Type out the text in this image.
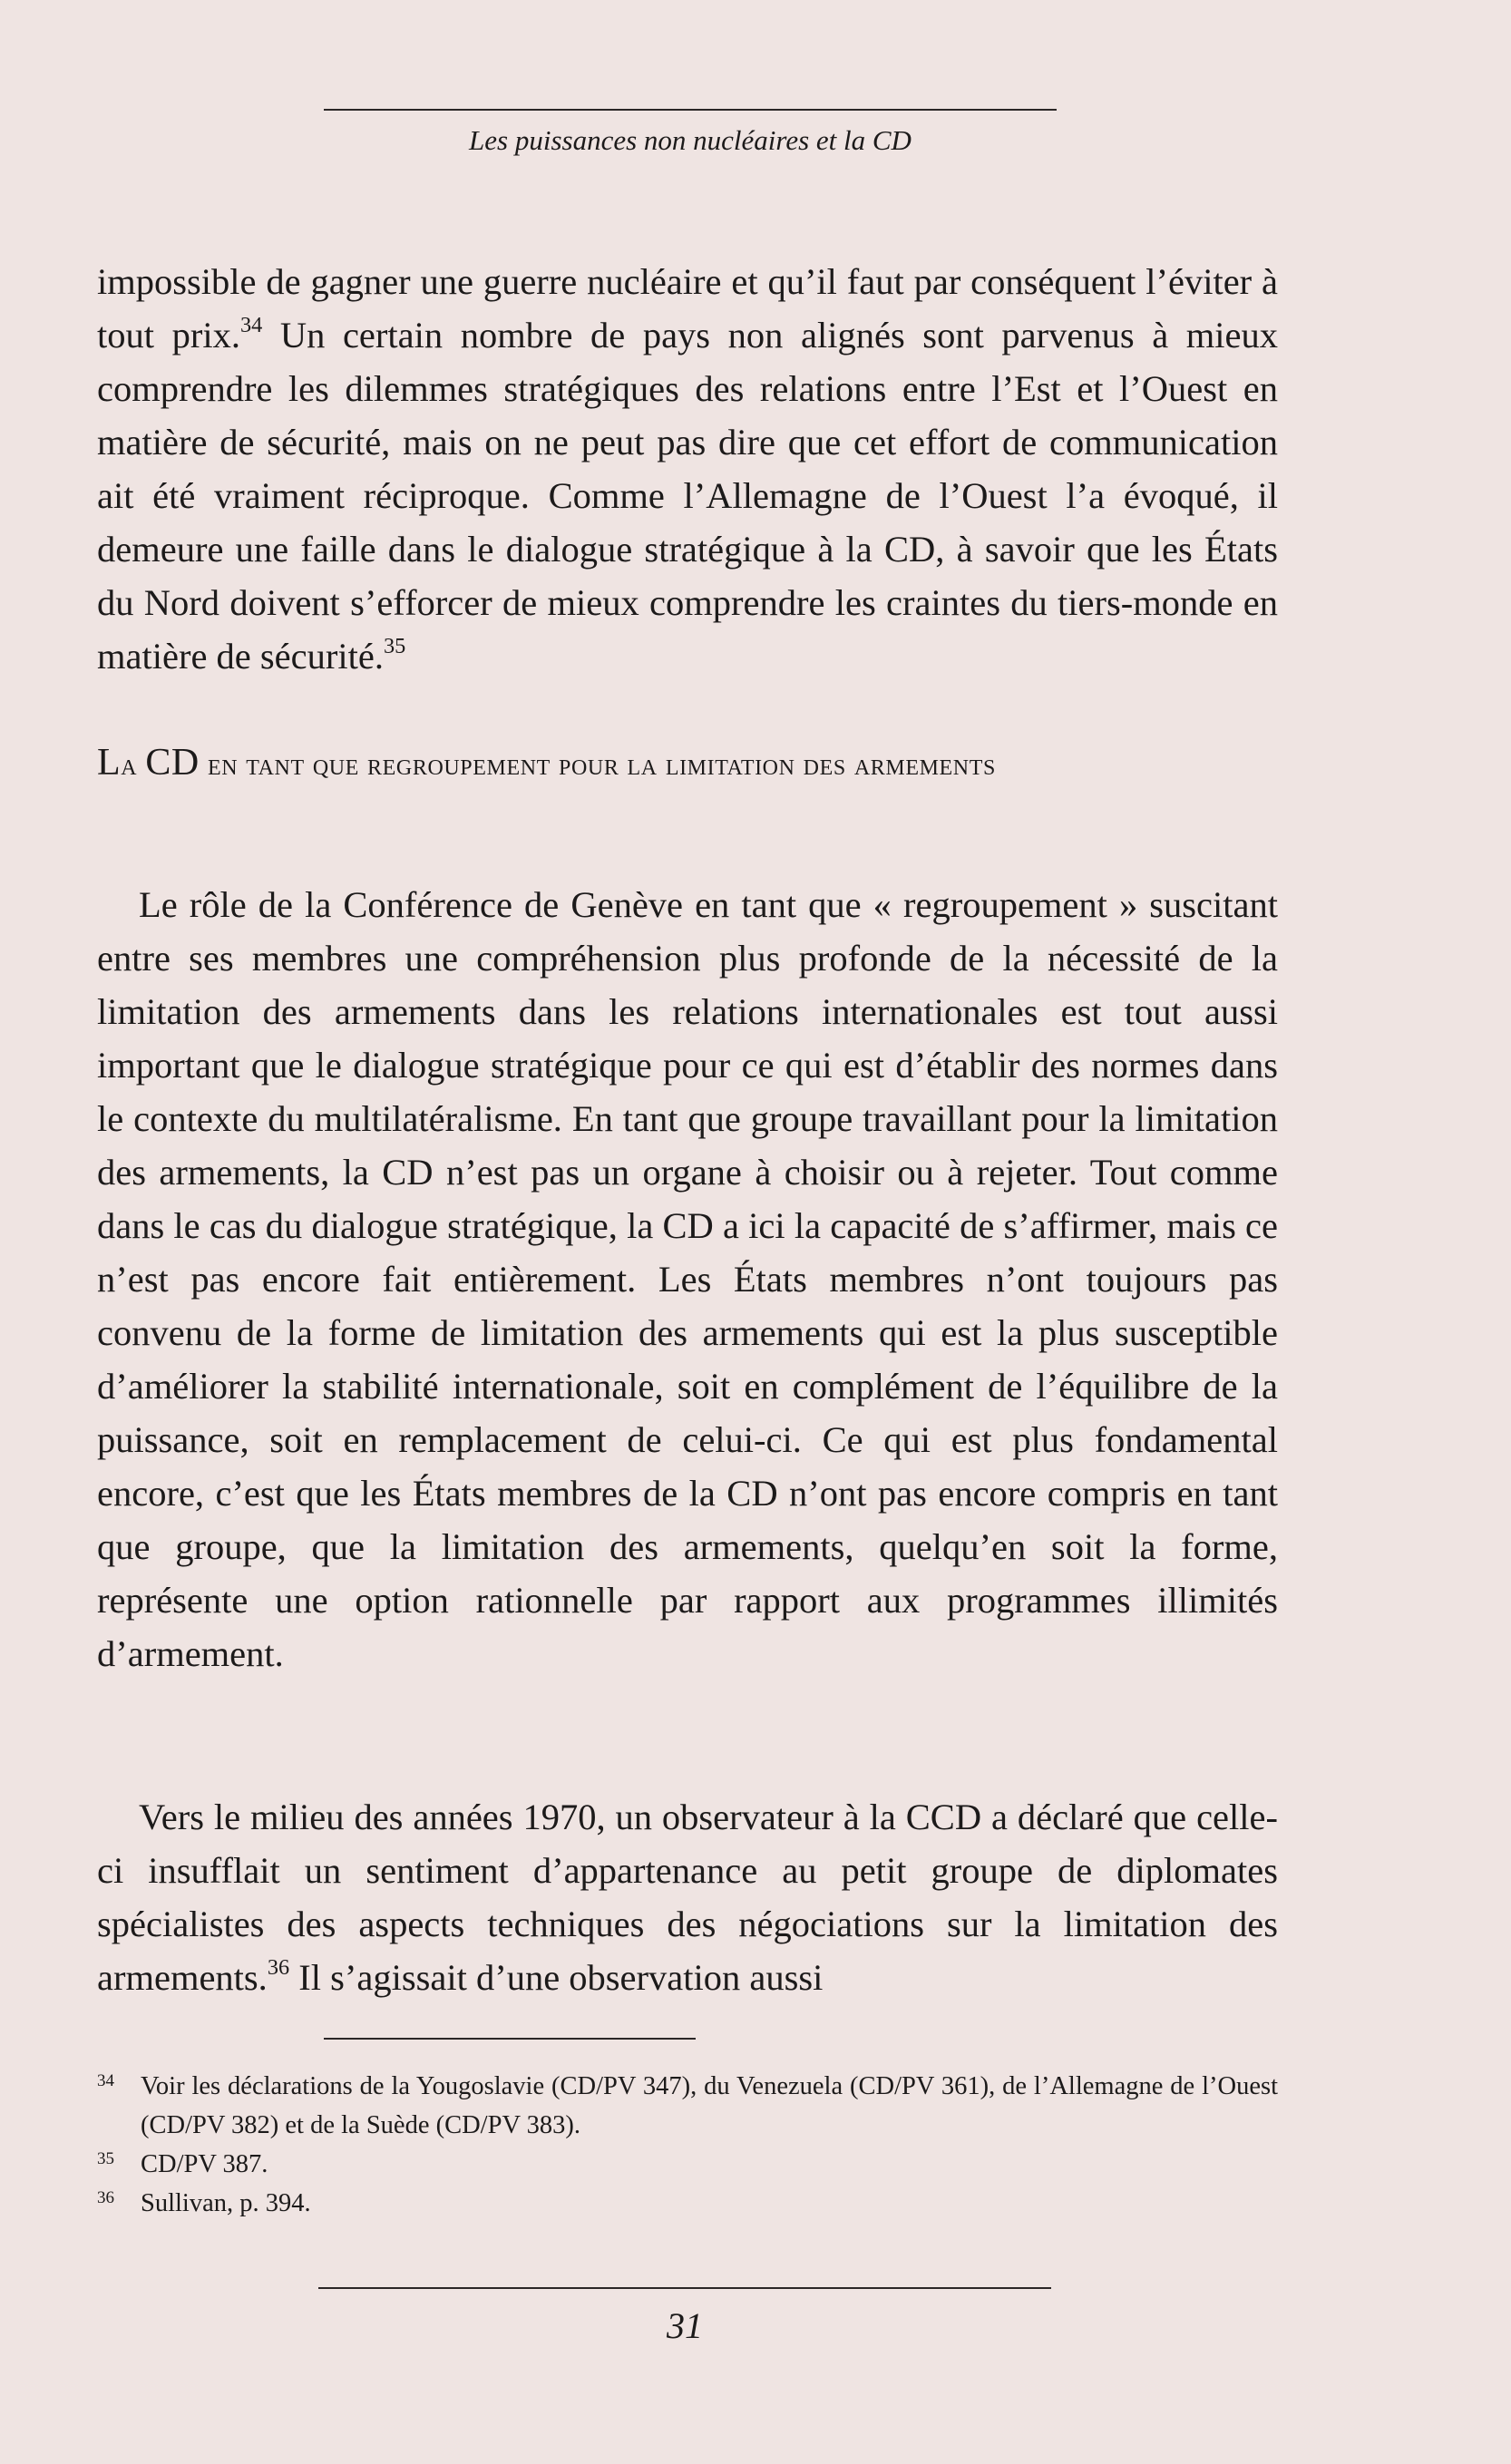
Les puissances non nucléaires et la CD

impossible de gagner une guerre nucléaire et qu’il faut par conséquent l’éviter à tout prix.$^{34}$ Un certain nombre de pays non alignés sont parvenus à mieux comprendre les dilemmes stratégiques des relations entre l’Est et l’Ouest en matière de sécurité, mais on ne peut pas dire que cet effort de communication ait été vraiment réciproque. Comme l’Allemagne de l’Ouest l’a évoqué, il demeure une faille dans le dialogue stratégique à la CD, à savoir que les États du Nord doivent s’efforcer de mieux comprendre les craintes du tiers-monde en matière de sécurité.$^{35}$

La CD en tant que regroupement pour la limitation des armements

Le rôle de la Conférence de Genève en tant que « regroupement » suscitant entre ses membres une compréhension plus profonde de la nécessité de la limitation des armements dans les relations internationales est tout aussi important que le dialogue stratégique pour ce qui est d’établir des normes dans le contexte du multilatéralisme. En tant que groupe travaillant pour la limitation des armements, la CD n’est pas un organe à choisir ou à rejeter. Tout comme dans le cas du dialogue stratégique, la CD a ici la capacité de s’affirmer, mais ce n’est pas encore fait entièrement. Les États membres n’ont toujours pas convenu de la forme de limitation des armements qui est la plus susceptible d’améliorer la stabilité internationale, soit en complément de l’équilibre de la puissance, soit en remplacement de celui-ci. Ce qui est plus fondamental encore, c’est que les États membres de la CD n’ont pas encore compris en tant que groupe, que la limitation des armements, quelqu’en soit la forme, représente une option rationnelle par rapport aux programmes illimités d’armement.

Vers le milieu des années 1970, un observateur à la CCD a déclaré que celle-ci insufflait un sentiment d’appartenance au petit groupe de diplomates spécialistes des aspects techniques des négociations sur la limitation des armements.$^{36}$ Il s’agissait d’une observation aussi

34 Voir les déclarations de la Yougoslavie (CD/PV 347), du Venezuela (CD/PV 361), de l’Allemagne de l’Ouest (CD/PV 382) et de la Suède (CD/PV 383).
35 CD/PV 387.
36 Sullivan, p. 394.
31
